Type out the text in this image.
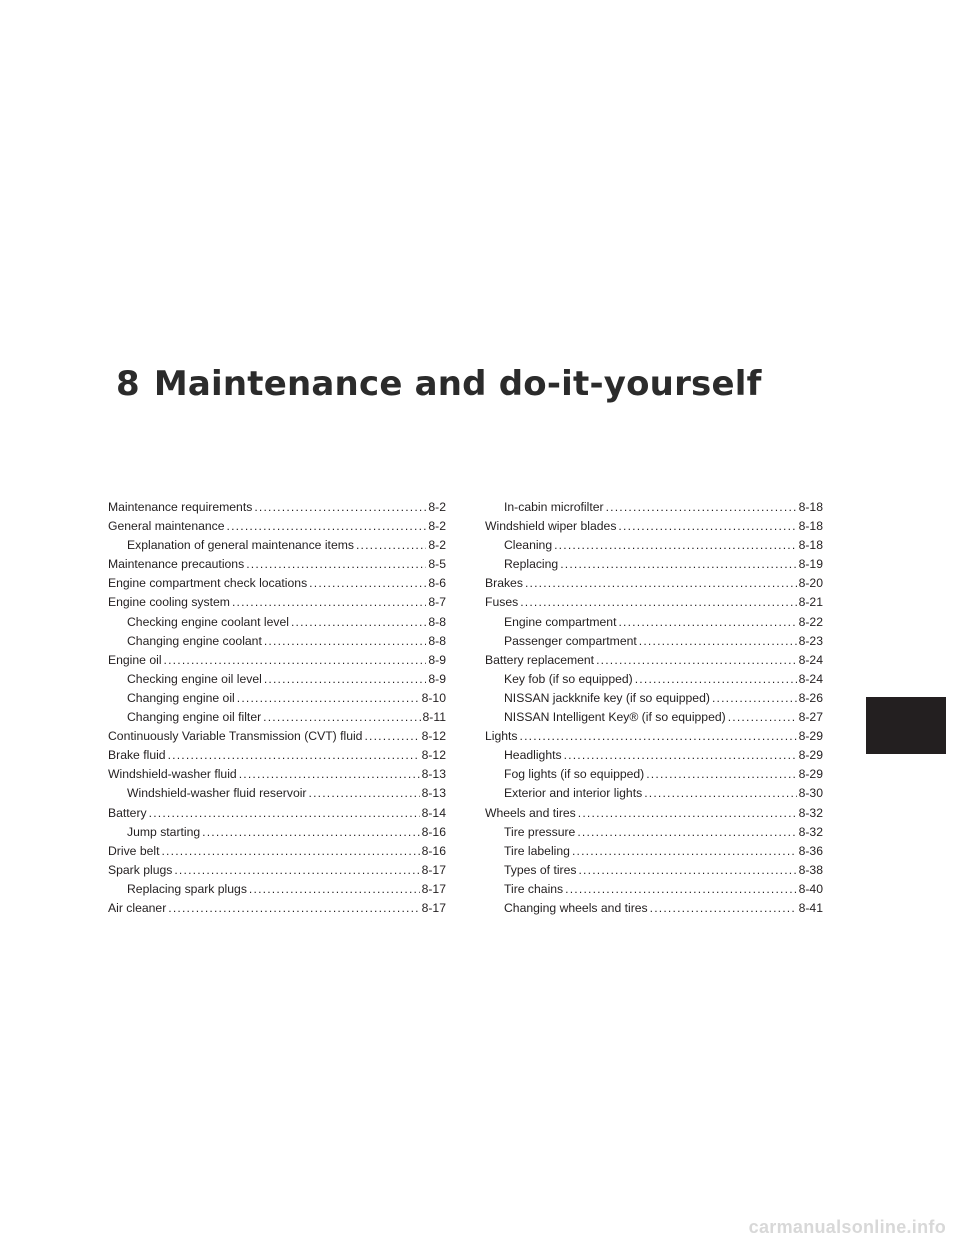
8 Maintenance and do-it-yourself
Maintenance requirements . . .	8-2
General maintenance . . .	8-2
Explanation of general maintenance items . . .	8-2
Maintenance precautions . . .	8-5
Engine compartment check locations . . .	8-6
Engine cooling system . . .	8-7
Checking engine coolant level . . .	8-8
Changing engine coolant . . .	8-8
Engine oil . . .	8-9
Checking engine oil level . . .	8-9
Changing engine oil . . .	8-10
Changing engine oil filter . . .	8-11
Continuously Variable Transmission (CVT) fluid . . .	8-12
Brake fluid . . .	8-12
Windshield-washer fluid . . .	8-13
Windshield-washer fluid reservoir . . .	8-13
Battery . . .	8-14
Jump starting . . .	8-16
Drive belt . . .	8-16
Spark plugs . . .	8-17
Replacing spark plugs . . .	8-17
Air cleaner . . .	8-17
In-cabin microfilter . . .	8-18
Windshield wiper blades . . .	8-18
Cleaning . . .	8-18
Replacing . . .	8-19
Brakes . . .	8-20
Fuses . . .	8-21
Engine compartment . . .	8-22
Passenger compartment . . .	8-23
Battery replacement . . .	8-24
Key fob (if so equipped) . . .	8-24
NISSAN jackknife key (if so equipped) . . .	8-26
NISSAN Intelligent Key® (if so equipped) . . .	8-27
Lights . . .	8-29
Headlights . . .	8-29
Fog lights (if so equipped) . . .	8-29
Exterior and interior lights . . .	8-30
Wheels and tires . . .	8-32
Tire pressure . . .	8-32
Tire labeling . . .	8-36
Types of tires . . .	8-38
Tire chains . . .	8-40
Changing wheels and tires . . .	8-41
carmanualsonline.info
